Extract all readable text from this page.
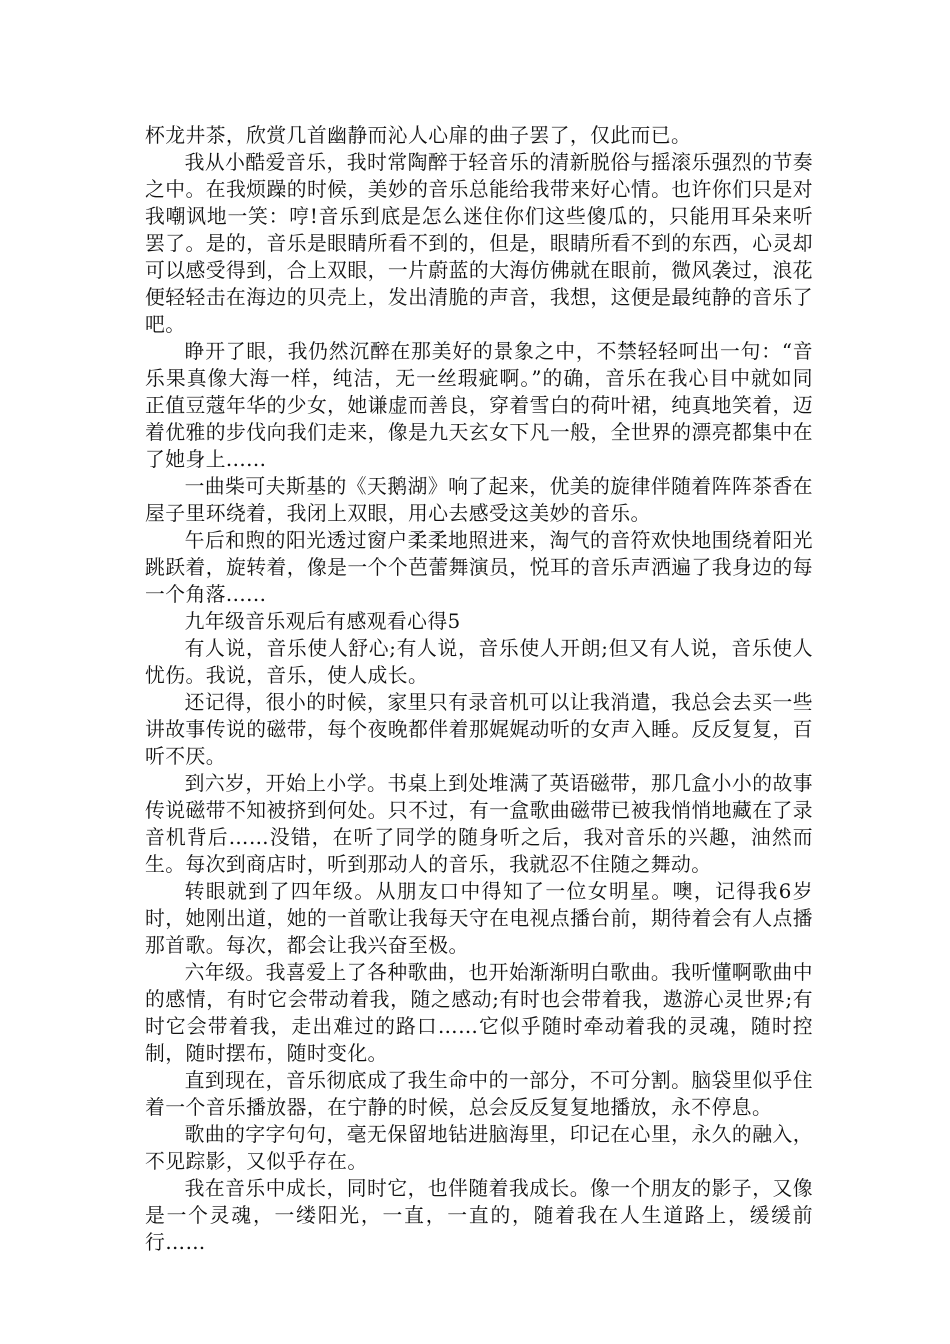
杯龙井茶，欣赏几首幽静而沁人心扉的曲子罢了，仅此而已。

我从小酷爱音乐，我时常陶醉于轻音乐的清新脱俗与摇滚乐强烈的节奏之中。在我烦躁的时候，美妙的音乐总能给我带来好心情。也许你们只是对我嘲讽地一笑：哼!音乐到底是怎么迷住你们这些傻瓜的，只能用耳朵来听罢了。是的，音乐是眼睛所看不到的，但是，眼睛所看不到的东西，心灵却可以感受得到，合上双眼，一片蔚蓝的大海仿佛就在眼前，微风袭过，浪花便轻轻击在海边的贝壳上，发出清脆的声音，我想，这便是最纯静的音乐了吧。

睁开了眼，我仍然沉醉在那美好的景象之中，不禁轻轻呵出一句：“音乐果真像大海一样，纯洁，无一丝瑕疵啊。”的确，音乐在我心目中就如同正值豆蔻年华的少女，她谦虚而善良，穿着雪白的荷叶裙，纯真地笑着，迈着优雅的步伐向我们走来，像是九天玄女下凡一般，全世界的漂亮都集中在了她身上......

一曲柴可夫斯基的《天鹅湖》响了起来，优美的旋律伴随着阵阵茶香在屋子里环绕着，我闭上双眼，用心去感受这美妙的音乐。

午后和煦的阳光透过窗户柔柔地照进来，淘气的音符欢快地围绕着阳光跳跃着，旋转着，像是一个个芭蕾舞演员，悦耳的音乐声洒遍了我身边的每一个角落......

九年级音乐观后有感观看心得5

有人说，音乐使人舒心;有人说，音乐使人开朗;但又有人说，音乐使人忧伤。我说，音乐，使人成长。

还记得，很小的时候，家里只有录音机可以让我消遣，我总会去买一些讲故事传说的磁带，每个夜晚都伴着那娓娓动听的女声入睡。反反复复，百听不厌。

到六岁，开始上小学。书桌上到处堆满了英语磁带，那几盒小小的故事传说磁带不知被挤到何处。只不过，有一盒歌曲磁带已被我悄悄地藏在了录音机背后……没错，在听了同学的随身听之后，我对音乐的兴趣，油然而生。每次到商店时，听到那动人的音乐，我就忍不住随之舞动。

转眼就到了四年级。从朋友口中得知了一位女明星。噢，记得我6岁时，她刚出道，她的一首歌让我每天守在电视点播台前，期待着会有人点播那首歌。每次，都会让我兴奋至极。

六年级。我喜爱上了各种歌曲，也开始渐渐明白歌曲。我听懂啊歌曲中的感情，有时它会带动着我，随之感动;有时也会带着我，遨游心灵世界;有时它会带着我，走出难过的路口……它似乎随时牵动着我的灵魂，随时控制，随时摆布，随时变化。

直到现在，音乐彻底成了我生命中的一部分，不可分割。脑袋里似乎住着一个音乐播放器，在宁静的时候，总会反反复复地播放，永不停息。

歌曲的字字句句，毫无保留地钻进脑海里，印记在心里，永久的融入，不见踪影，又似乎存在。

我在音乐中成长，同时它，也伴随着我成长。像一个朋友的影子，又像是一个灵魂，一缕阳光，一直，一直的，随着我在人生道路上，缓缓前行……
